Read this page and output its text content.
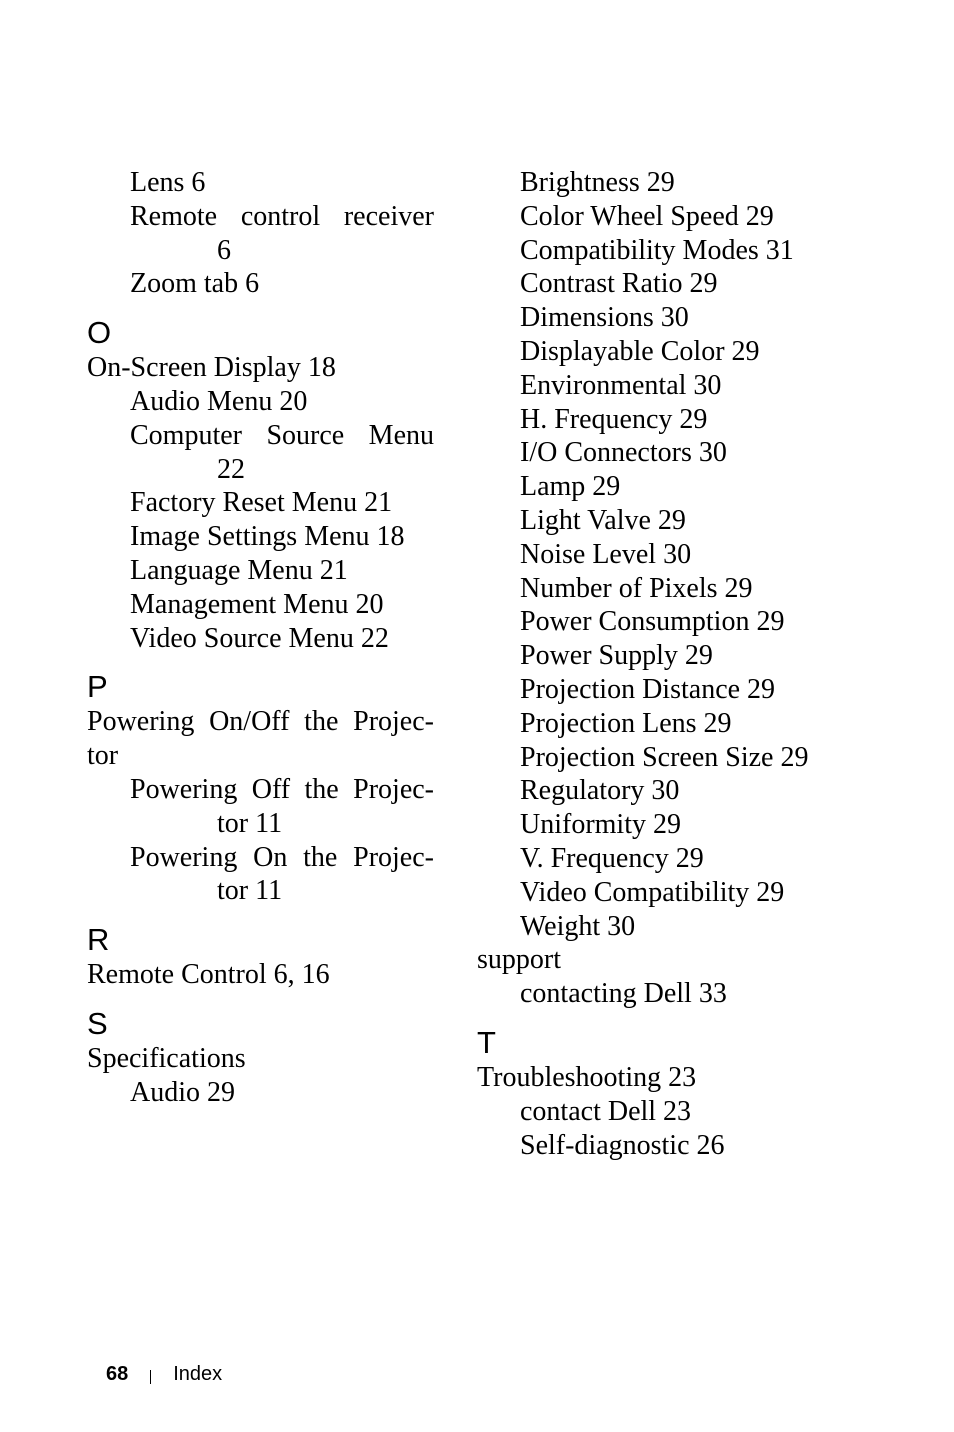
Lens 6
Remote control receiver
6
Zoom tab 6
O
On-Screen Display 18
Audio Menu 20
Computer Source Menu
22
Factory Reset Menu 21
Image Settings Menu 18
Language Menu 21
Management Menu 20
Video Source Menu 22
P
Powering On/Off the Projec-
tor
Powering Off the Projec-
tor 11
Powering On the Projec-
tor 11
R
Remote Control 6, 16
S
Specifications
Audio 29
Brightness 29
Color Wheel Speed 29
Compatibility Modes 31
Contrast Ratio 29
Dimensions 30
Displayable Color 29
Environmental 30
H. Frequency 29
I/O Connectors 30
Lamp 29
Light Valve 29
Noise Level 30
Number of Pixels 29
Power Consumption 29
Power Supply 29
Projection Distance 29
Projection Lens 29
Projection Screen Size 29
Regulatory 30
Uniformity 29
V. Frequency 29
Video Compatibility 29
Weight 30
support
contacting Dell 33
T
Troubleshooting 23
contact Dell 23
Self-diagnostic 26
68 Index
